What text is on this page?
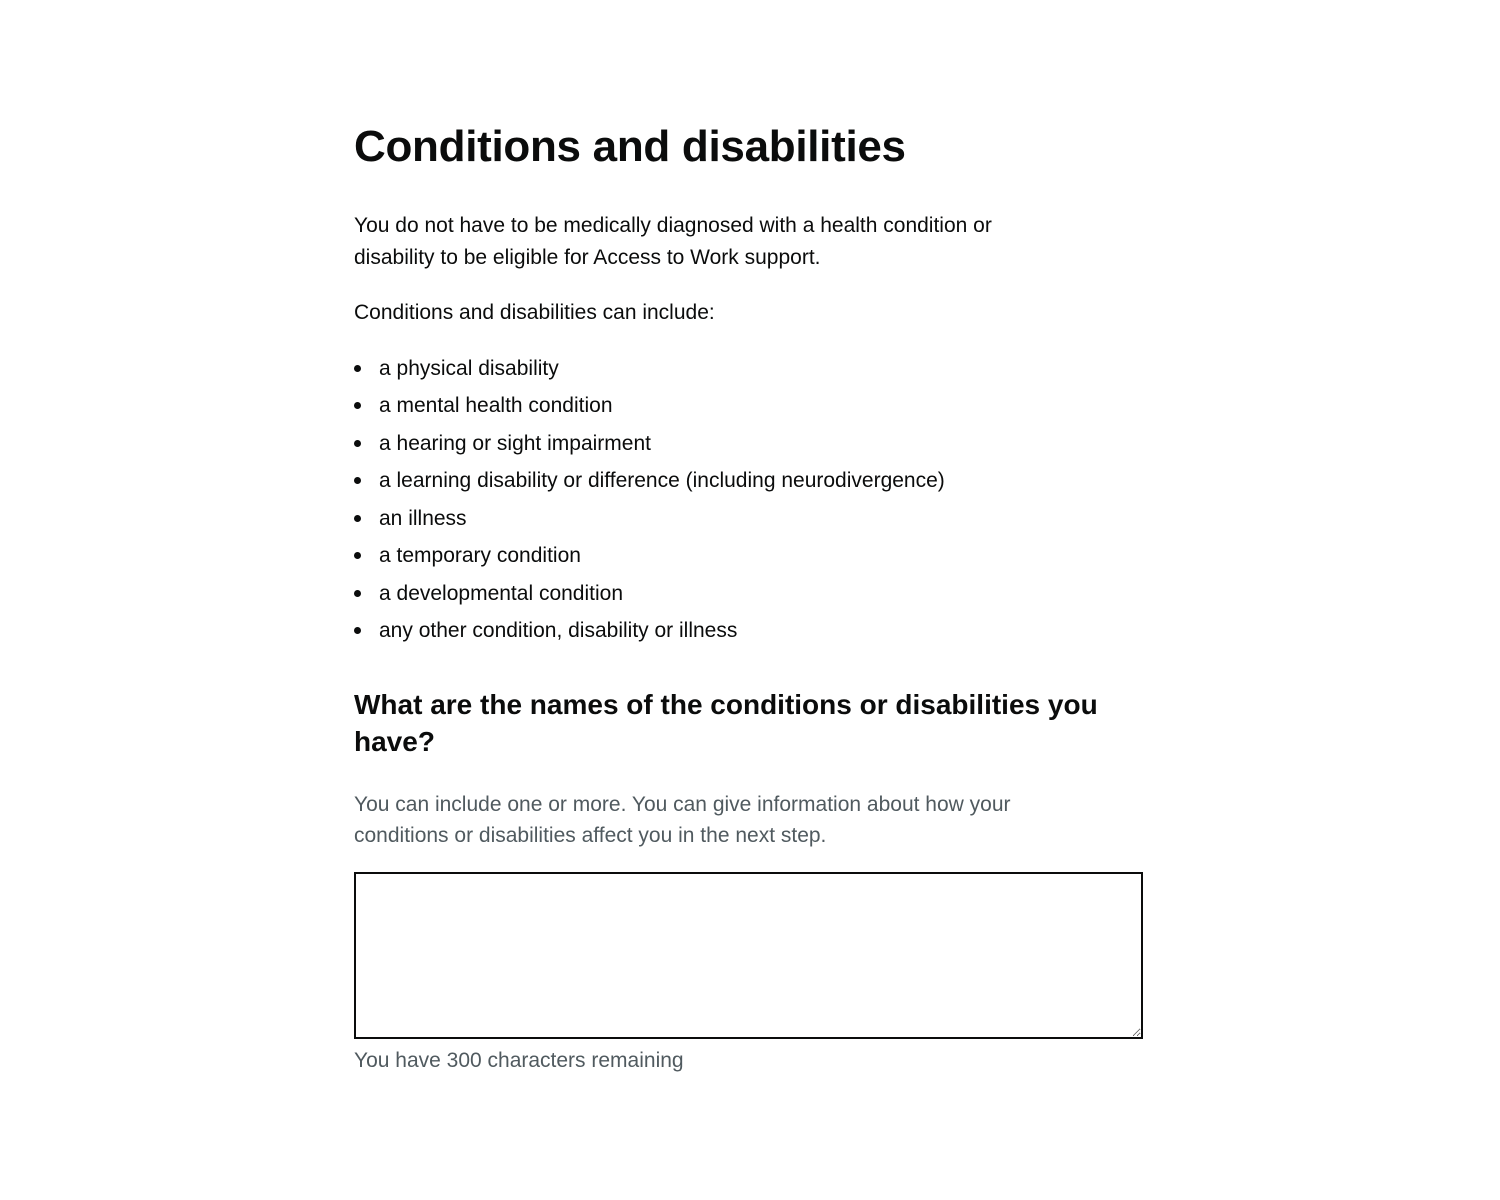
Conditions and disabilities

You do not have to be medically diagnosed with a health condition or disability to be eligible for Access to Work support.

Conditions and disabilities can include:

a physical disability
a mental health condition
a hearing or sight impairment
a learning disability or difference (including neurodivergence)
an illness
a temporary condition
a developmental condition
any other condition, disability or illness
What are the names of the conditions or disabilities you have?
You can include one or more. You can give information about how your conditions or disabilities affect you in the next step.
You have 300 characters remaining
